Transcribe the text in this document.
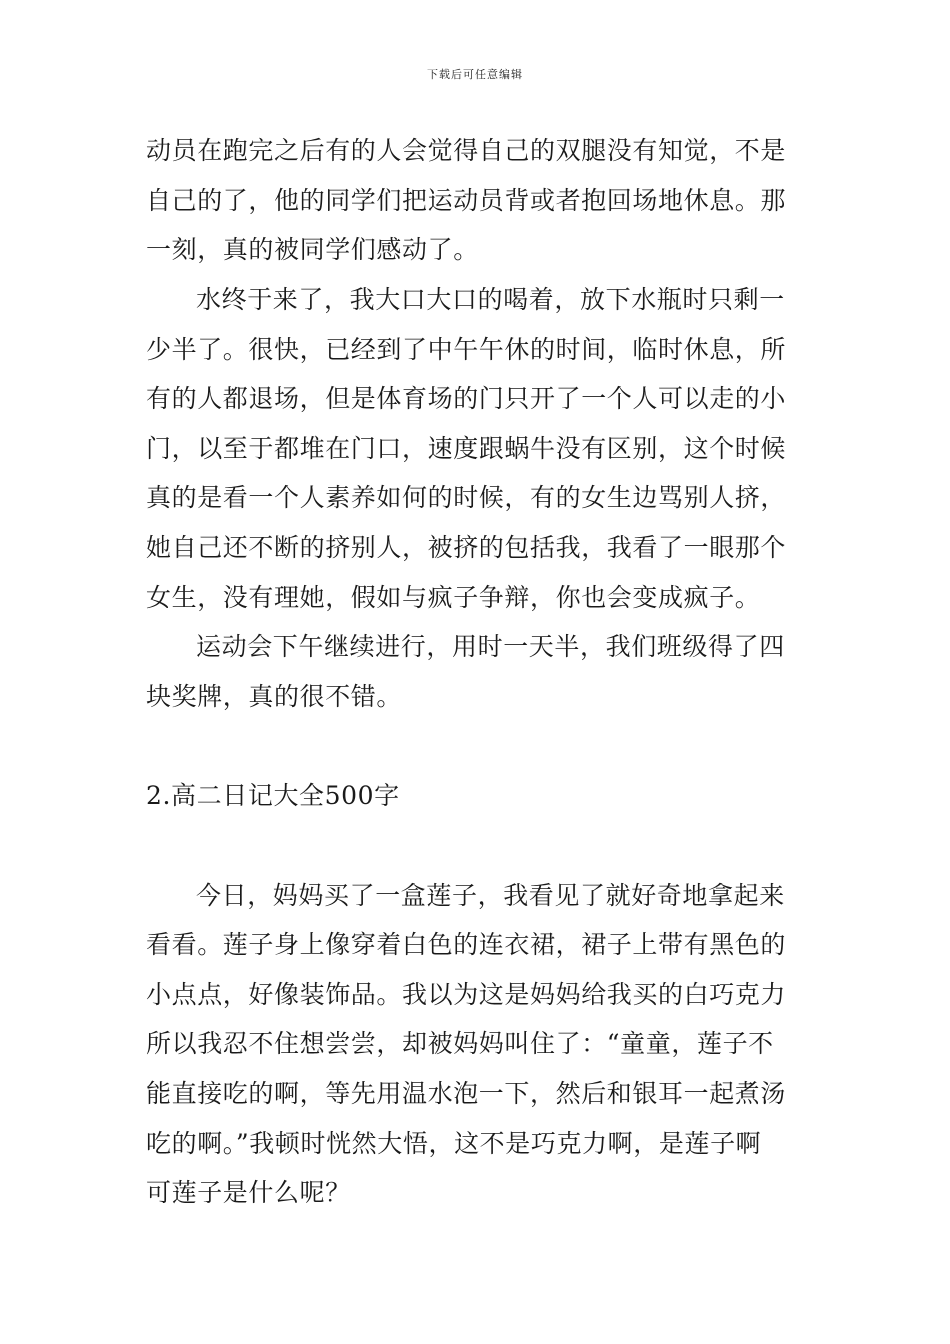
下载后可任意编辑
动员在跑完之后有的人会觉得自己的双腿没有知觉，不是
自己的了，他的同学们把运动员背或者抱回场地休息。那
一刻，真的被同学们感动了。
水终于来了，我大口大口的喝着，放下水瓶时只剩一
少半了。很快，已经到了中午午休的时间，临时休息，所
有的人都退场，但是体育场的门只开了一个人可以走的小
门，以至于都堆在门口，速度跟蜗牛没有区别，这个时候
真的是看一个人素养如何的时候，有的女生边骂别人挤，
她自己还不断的挤别人，被挤的包括我，我看了一眼那个
女生，没有理她，假如与疯子争辩，你也会变成疯子。
运动会下午继续进行，用时一天半，我们班级得了四
块奖牌，真的很不错。
2.高二日记大全500字
今日，妈妈买了一盒莲子，我看见了就好奇地拿起来
看看。莲子身上像穿着白色的连衣裙，裙子上带有黑色的
小点点，好像装饰品。我以为这是妈妈给我买的白巧克力
所以我忍不住想尝尝，却被妈妈叫住了：“童童，莲子不
能直接吃的啊，等先用温水泡一下，然后和银耳一起煮汤
吃的啊。”我顿时恍然大悟，这不是巧克力啊，是莲子啊
可莲子是什么呢？
